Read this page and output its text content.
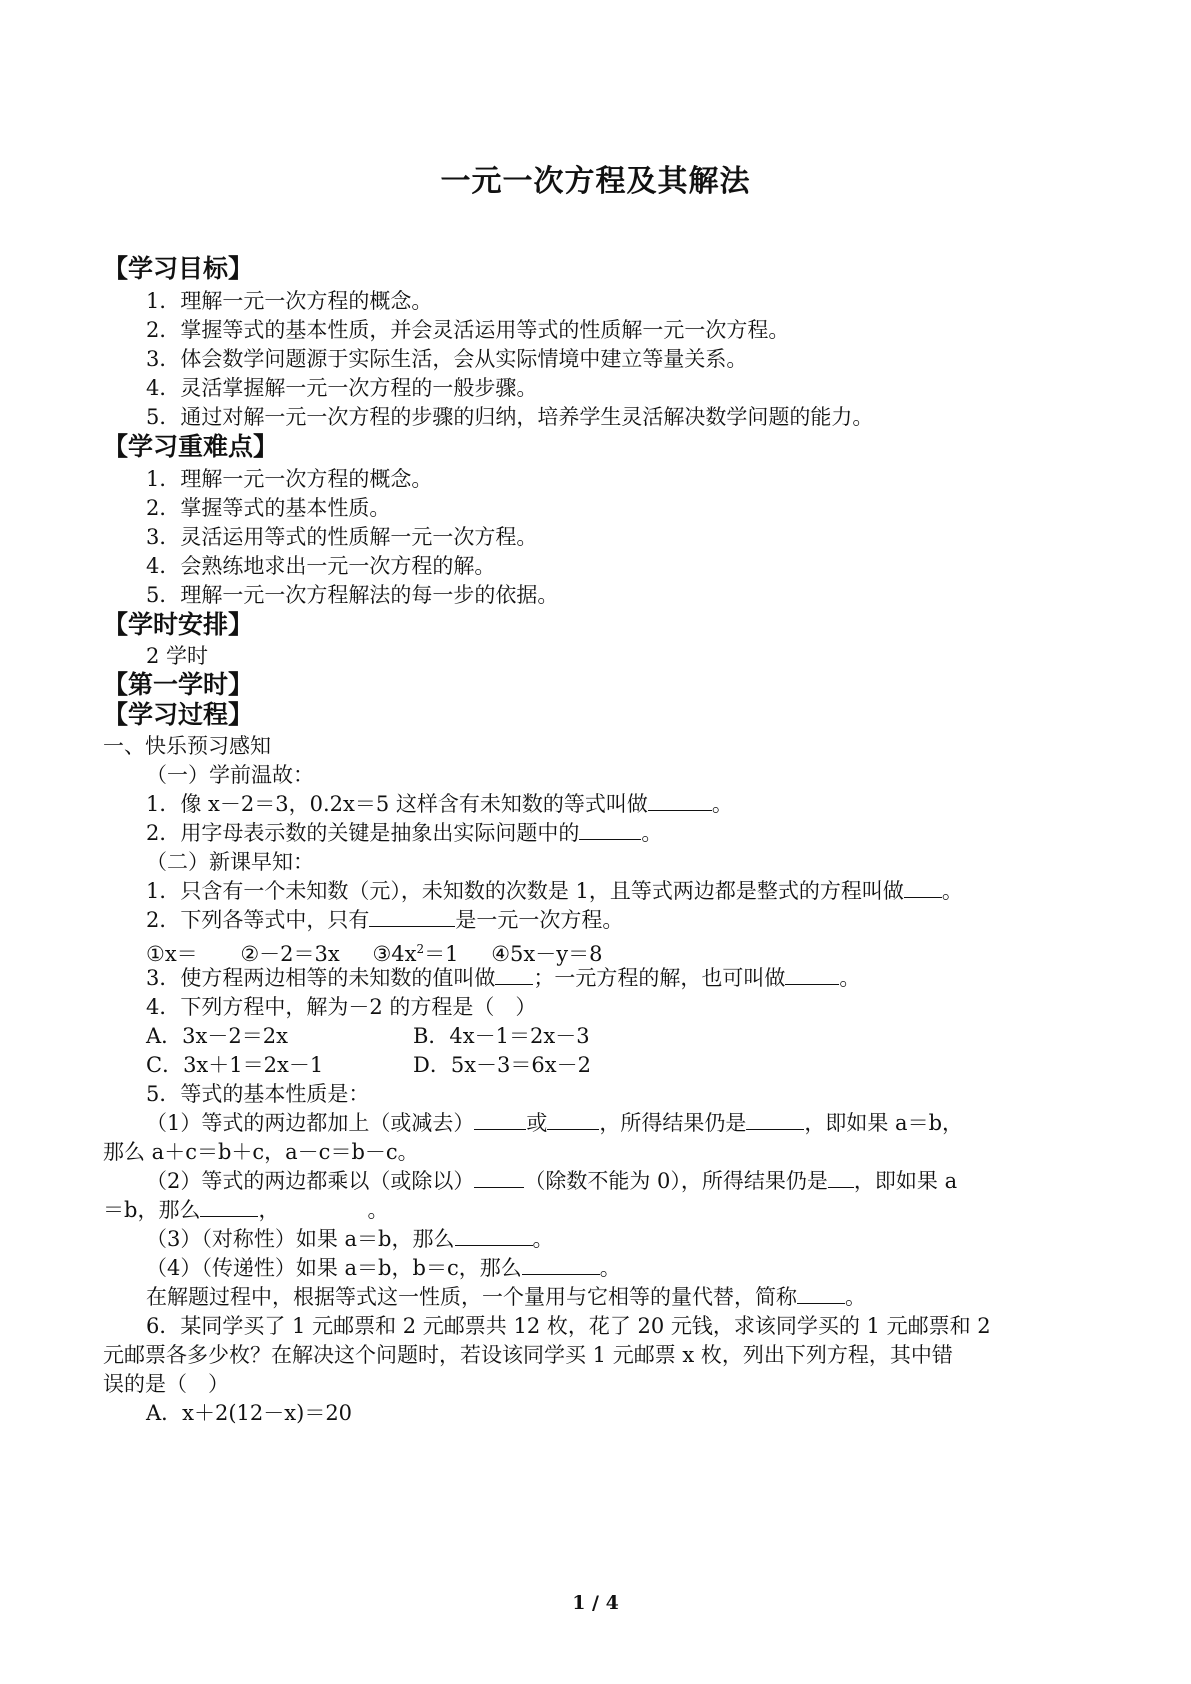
一元一次方程及其解法
【学习目标】
1．理解一元一次方程的概念。
2．掌握等式的基本性质，并会灵活运用等式的性质解一元一次方程。
3．体会数学问题源于实际生活，会从实际情境中建立等量关系。
4．灵活掌握解一元一次方程的一般步骤。
5．通过对解一元一次方程的步骤的归纳，培养学生灵活解决数学问题的能力。
【学习重难点】
1．理解一元一次方程的概念。
2．掌握等式的基本性质。
3．灵活运用等式的性质解一元一次方程。
4．会熟练地求出一元一次方程的解。
5．理解一元一次方程解法的每一步的依据。
【学时安排】
2 学时
【第一学时】
【学习过程】
一、快乐预习感知
（一）学前温故：
1．像 x－2＝3，0.2x＝5 这样含有未知数的等式叫做	。
2．用字母表示数的关键是抽象出实际问题中的	。
（二）新课早知：
1．只含有一个未知数（元），未知数的次数是 1，且等式两边都是整式的方程叫做 。
2．下列各等式中，只有	是一元一次方程。
①x＝ ②－2＝3x $③4x^2=1$ ④5x－y＝8
3．使方程两边相等的未知数的值叫做 ；一元方程的解，也可叫做	。
4．下列方程中，解为－2 的方程是（　）
A．3x－2＝2x	B．4x－1＝2x－3
C．3x＋1＝2x－1	D．5x－3＝6x－2
5．等式的基本性质是：
（1）等式的两边都加上（或减去） 或 ，所得结果仍是	，即如果 a＝b，
那么 a＋c＝b＋c，a－c＝b－c。
（2）等式的两边都乘以（或除以） （除数不能为 0），所得结果仍是 ，即如果 a
＝b，那么	，	。
（3）（对称性）如果 a＝b，那么	。
（4）（传递性）如果 a＝b，b＝c，那么	。
在解题过程中，根据等式这一性质，一个量用与它相等的量代替，简称 。
6．某同学买了 1 元邮票和 2 元邮票共 12 枚，花了 20 元钱，求该同学买的 1 元邮票和 2
元邮票各多少枚？在解决这个问题时，若设该同学买 1 元邮票 x 枚，列出下列方程，其中错
误的是（　）
A．x＋2(12－x)＝20
1 / 4
